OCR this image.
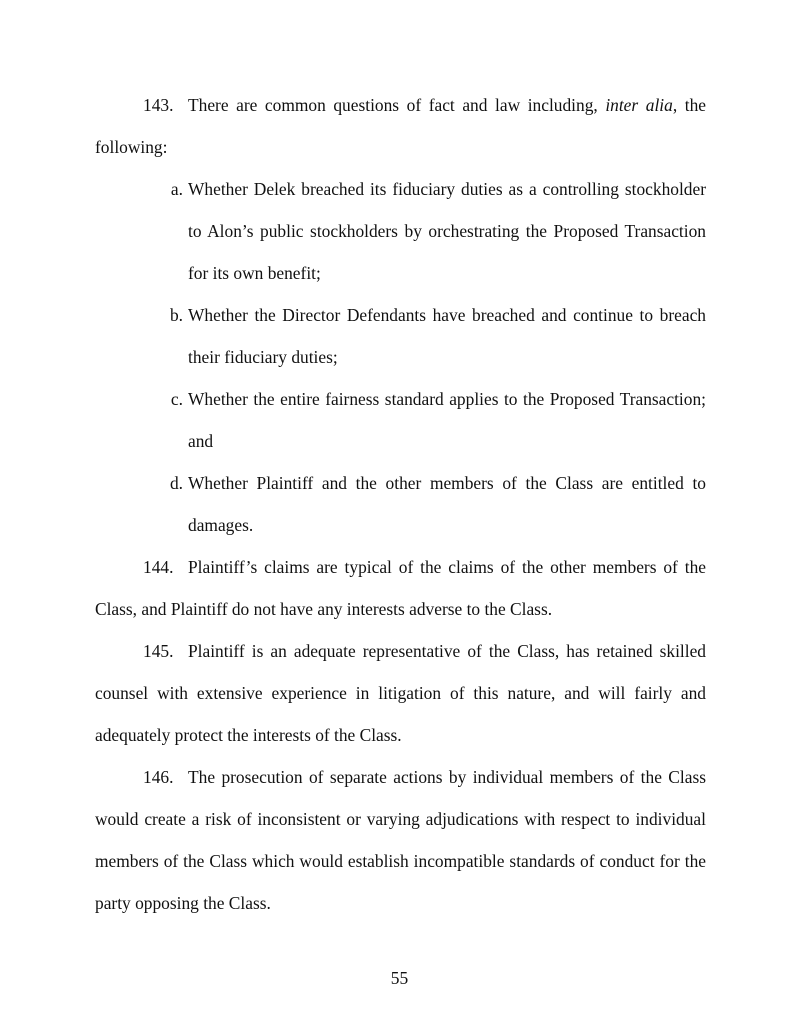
143. There are common questions of fact and law including, inter alia, the following:

a. Whether Delek breached its fiduciary duties as a controlling stockholder to Alon’s public stockholders by orchestrating the Proposed Transaction for its own benefit;
b. Whether the Director Defendants have breached and continue to breach their fiduciary duties;
c. Whether the entire fairness standard applies to the Proposed Transaction; and
d. Whether Plaintiff and the other members of the Class are entitled to damages.

144. Plaintiff’s claims are typical of the claims of the other members of the Class, and Plaintiff do not have any interests adverse to the Class.

145. Plaintiff is an adequate representative of the Class, has retained skilled counsel with extensive experience in litigation of this nature, and will fairly and adequately protect the interests of the Class.

146. The prosecution of separate actions by individual members of the Class would create a risk of inconsistent or varying adjudications with respect to individual members of the Class which would establish incompatible standards of conduct for the party opposing the Class.

55
